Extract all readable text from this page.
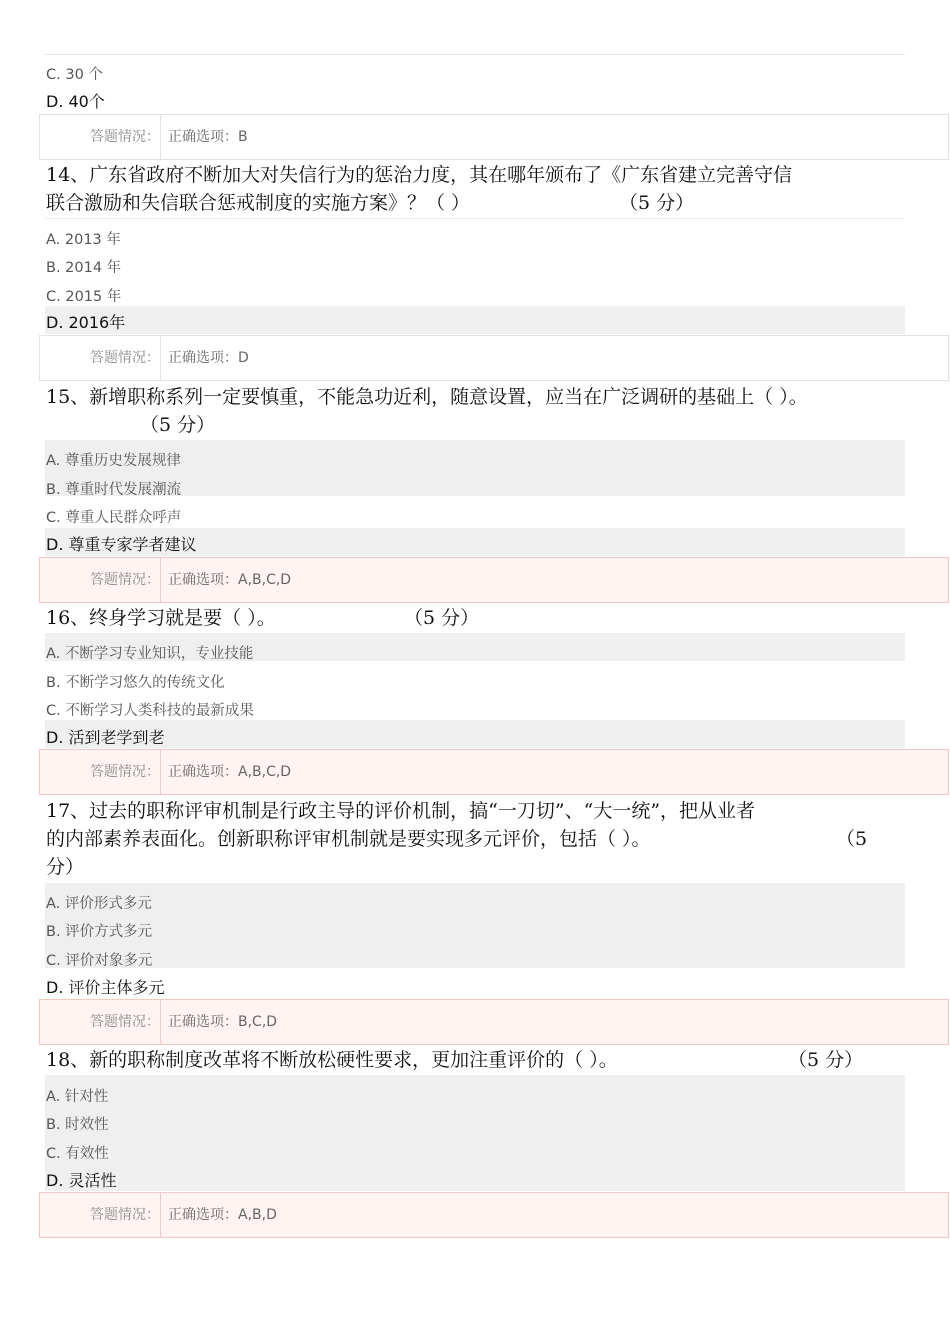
C. 30 个
D. 40个
答题情况： 正确选项：B
14、广东省政府不断加大对失信行为的惩治力度，其在哪年颁布了《广东省建立完善守信
联合激励和失信联合惩戒制度的实施方案》？（ ）	（5 分）
A. 2013 年
B. 2014 年
C. 2015 年
D. 2016年
答题情况： 正确选项：D
15、新增职称系列一定要慎重，不能急功近利，随意设置，应当在广泛调研的基础上（ ）。
（5 分）
A. 尊重历史发展规律
B. 尊重时代发展潮流
C. 尊重人民群众呼声
D. 尊重专家学者建议
答题情况： 正确选项：A,B,C,D
16、终身学习就是要（ ）。	（5 分）
A. 不断学习专业知识，专业技能
B. 不断学习悠久的传统文化
C. 不断学习人类科技的最新成果
D. 活到老学到老
答题情况： 正确选项：A,B,C,D
17、过去的职称评审机制是行政主导的评价机制，搞“一刀切”、“大一统”，把从业者
的内部素养表面化。创新职称评审机制就是要实现多元评价，包括（ ）。	（5
分）
A. 评价形式多元
B. 评价方式多元
C. 评价对象多元
D. 评价主体多元
答题情况： 正确选项：B,C,D
18、新的职称制度改革将不断放松硬性要求，更加注重评价的（ ）。	（5 分）
A. 针对性
B. 时效性
C. 有效性
D. 灵活性
答题情况： 正确选项：A,B,D
